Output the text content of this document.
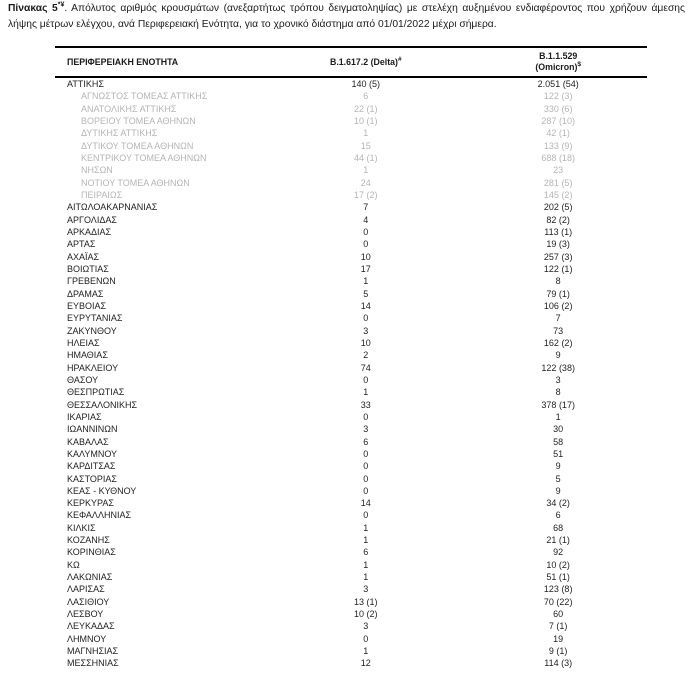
Πίνακας 5*¥. Απόλυτος αριθμός κρουσμάτων (ανεξαρτήτως τρόπου δειγματοληψίας) με στελέχη αυξημένου ενδιαφέροντος που χρήζουν άμεσης λήψης μέτρων ελέγχου, ανά Περιφερειακή Ενότητα, για το χρονικό διάστημα από 01/01/2022 μέχρι σήμερα.

ΠΕΡΙΦΕΡΕΙΑΚΗ ΕΝΟΤΗΤΑ	B.1.617.2 (Delta)#	B.1.1.529
(Omicron)$
ΑΤΤΙΚΗΣ	140 (5)	2.051 (54)
ΑΓΝΩΣΤΟΣ ΤΟΜΕΑΣ ΑΤΤΙΚΗΣ	6	122 (3)
ΑΝΑΤΟΛΙΚΗΣ ΑΤΤΙΚΗΣ	22 (1)	330 (6)
ΒΟΡΕΙΟΥ ΤΟΜΕΑ ΑΘΗΝΩΝ	10 (1)	287 (10)
ΔΥΤΙΚΗΣ ΑΤΤΙΚΗΣ	1	42 (1)
ΔΥΤΙΚΟΥ ΤΟΜΕΑ ΑΘΗΝΩΝ	15	133 (9)
ΚΕΝΤΡΙΚΟΥ ΤΟΜΕΑ ΑΘΗΝΩΝ	44 (1)	688 (18)
ΝΗΣΩΝ	1	23
ΝΟΤΙΟΥ ΤΟΜΕΑ ΑΘΗΝΩΝ	24	281 (5)
ΠΕΙΡΑΙΩΣ	17 (2)	145 (2)
ΑΙΤΩΛΟΑΚΑΡΝΑΝΙΑΣ	7	202 (5)
ΑΡΓΟΛΙΔΑΣ	4	82 (2)
ΑΡΚΑΔΙΑΣ	0	113 (1)
ΑΡΤΑΣ	0	19 (3)
ΑΧΑΪΑΣ	10	257 (3)
ΒΟΙΩΤΙΑΣ	17	122 (1)
ΓΡΕΒΕΝΩΝ	1	8
ΔΡΑΜΑΣ	5	79 (1)
ΕΥΒΟΙΑΣ	14	106 (2)
ΕΥΡΥΤΑΝΙΑΣ	0	7
ΖΑΚΥΝΘΟΥ	3	73
ΗΛΕΙΑΣ	10	162 (2)
ΗΜΑΘΙΑΣ	2	9
ΗΡΑΚΛΕΙΟΥ	74	122 (38)
ΘΑΣΟΥ	0	3
ΘΕΣΠΡΩΤΙΑΣ	1	8
ΘΕΣΣΑΛΟΝΙΚΗΣ	33	378 (17)
ΙΚΑΡΙΑΣ	0	1
ΙΩΑΝΝΙΝΩΝ	3	30
ΚΑΒΑΛΑΣ	6	58
ΚΑΛΥΜΝΟΥ	0	51
ΚΑΡΔΙΤΣΑΣ	0	9
ΚΑΣΤΟΡΙΑΣ	0	5
ΚΕΑΣ - ΚΥΘΝΟΥ	0	9
ΚΕΡΚΥΡΑΣ	14	34 (2)
ΚΕΦΑΛΛΗΝΙΑΣ	0	6
ΚΙΛΚΙΣ	1	68
ΚΟΖΑΝΗΣ	1	21 (1)
ΚΟΡΙΝΘΙΑΣ	6	92
ΚΩ	1	10 (2)
ΛΑΚΩΝΙΑΣ	1	51 (1)
ΛΑΡΙΣΑΣ	3	123 (8)
ΛΑΣΙΘΙΟΥ	13 (1)	70 (22)
ΛΕΣΒΟΥ	10 (2)	60
ΛΕΥΚΑΔΑΣ	3	7 (1)
ΛΗΜΝΟΥ	0	19
ΜΑΓΝΗΣΙΑΣ	1	9 (1)
ΜΕΣΣΗΝΙΑΣ	12	114 (3)
